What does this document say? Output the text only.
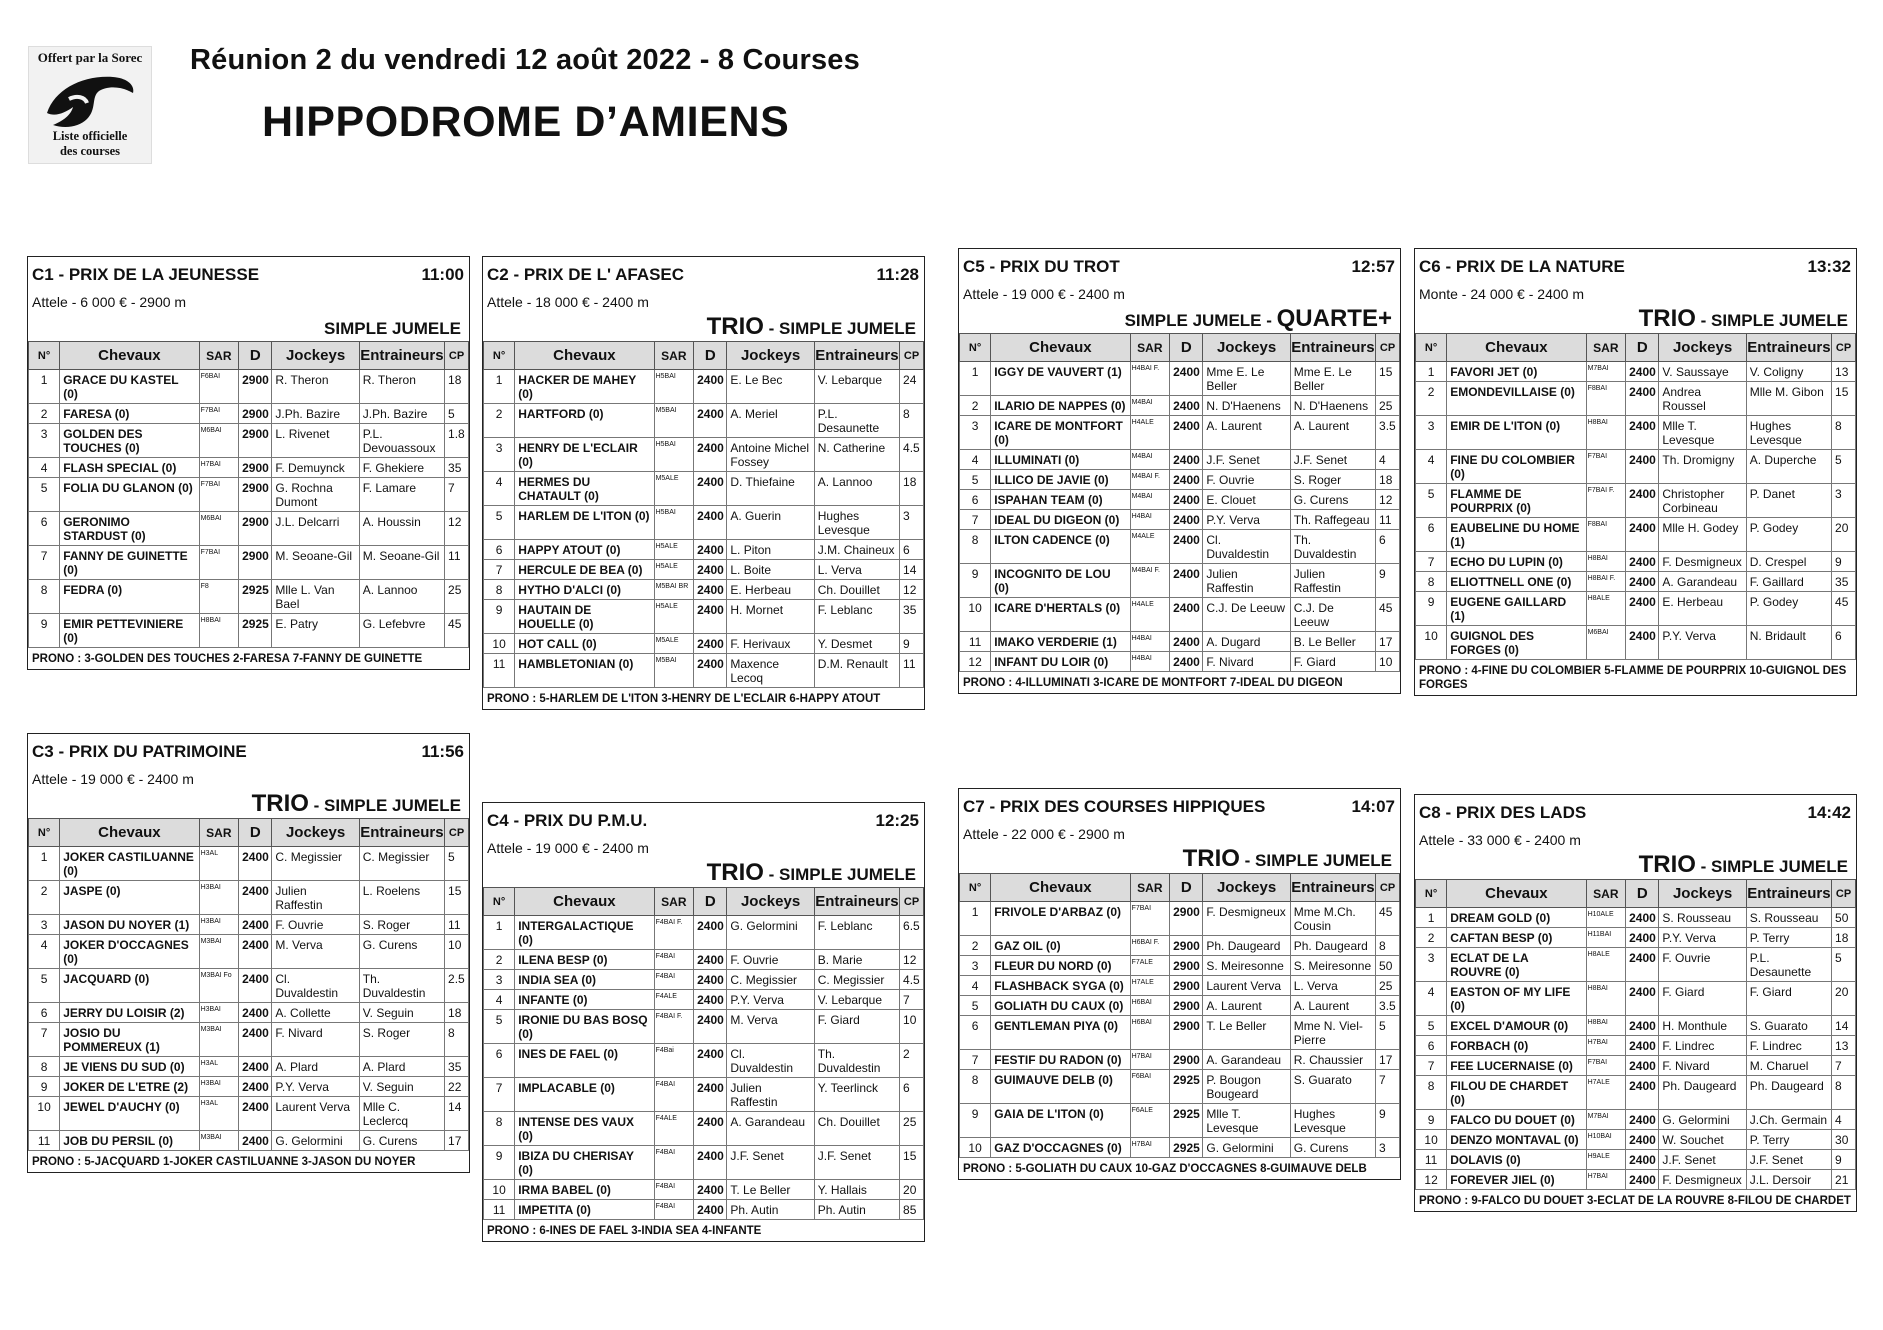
Offert par la Sorec
Liste officielle
des courses
Réunion 2 du vendredi 12 août 2022 - 8 Courses
HIPPODROME D’AMIENS
C1 - PRIX DE LA JEUNESSE	11:00
Attele - 6 000 € - 2900 m
SIMPLE JUMELE
N°	Chevaux	SAR	D	Jockeys	Entraineurs	CP
1	GRACE DU KASTEL (0)	F6BAI	2900	R. Theron	R. Theron	18
2	FARESA (0)	F7BAI	2900	J.Ph. Bazire	J.Ph. Bazire	5
3	GOLDEN DES TOUCHES (0)	M6BAI	2900	L. Rivenet	P.L. Devouassoux	1.8
4	FLASH SPECIAL (0)	H7BAI	2900	F. Demuynck	F. Ghekiere	35
5	FOLIA DU GLANON (0)	F7BAI	2900	G. Rochna Dumont	F. Lamare	7
6	GERONIMO STARDUST (0)	M6BAI	2900	J.L. Delcarri	A. Houssin	12
7	FANNY DE GUINETTE (0)	F7BAI	2900	M. Seoane-Gil	M. Seoane-Gil	11
8	FEDRA (0)	F8	2925	Mlle L. Van Bael	A. Lannoo	25
9	EMIR PETTEVINIERE (0)	H8BAI	2925	E. Patry	G. Lefebvre	45
PRONO : 3-GOLDEN DES TOUCHES 2-FARESA 7-FANNY DE GUINETTE
C2 - PRIX DE L' AFASEC	11:28
Attele - 18 000 € - 2400 m
TRIO - SIMPLE JUMELE
N°	Chevaux	SAR	D	Jockeys	Entraineurs	CP
1	HACKER DE MAHEY (0)	H5BAI	2400	E. Le Bec	V. Lebarque	24
2	HARTFORD (0)	M5BAI	2400	A. Meriel	P.L. Desaunette	8
3	HENRY DE L'ECLAIR (0)	H5BAI	2400	Antoine Michel Fossey	N. Catherine	4.5
4	HERMES DU CHATAULT (0)	M5ALE	2400	D. Thiefaine	A. Lannoo	18
5	HARLEM DE L'ITON (0)	H5BAI	2400	A. Guerin	Hughes Levesque	3
6	HAPPY ATOUT (0)	H5ALE	2400	L. Piton	J.M. Chaineux	6
7	HERCULE DE BEA (0)	H5ALE	2400	L. Boite	L. Verva	14
8	HYTHO D'ALCI (0)	M5BAI BR	2400	E. Herbeau	Ch. Douillet	12
9	HAUTAIN DE HOUELLE (0)	H5ALE	2400	H. Mornet	F. Leblanc	35
10	HOT CALL (0)	M5ALE	2400	F. Herivaux	Y. Desmet	9
11	HAMBLETONIAN (0)	M5BAI	2400	Maxence Lecoq	D.M. Renault	11
PRONO : 5-HARLEM DE L'ITON 3-HENRY DE L'ECLAIR 6-HAPPY ATOUT
C5 - PRIX DU TROT	12:57
Attele - 19 000 € - 2400 m
SIMPLE JUMELE - QUARTE+
N°	Chevaux	SAR	D	Jockeys	Entraineurs	CP
1	IGGY DE VAUVERT (1)	H4BAI F.	2400	Mme E. Le Beller	Mme E. Le Beller	15
2	ILARIO DE NAPPES (0)	M4BAI	2400	N. D'Haenens	N. D'Haenens	25
3	ICARE DE MONTFORT (0)	H4ALE	2400	A. Laurent	A. Laurent	3.5
4	ILLUMINATI (0)	M4BAI	2400	J.F. Senet	J.F. Senet	4
5	ILLICO DE JAVIE (0)	M4BAI F.	2400	F. Ouvrie	S. Roger	18
6	ISPAHAN TEAM (0)	M4BAI	2400	E. Clouet	G. Curens	12
7	IDEAL DU DIGEON (0)	H4BAI	2400	P.Y. Verva	Th. Raffegeau	11
8	ILTON CADENCE (0)	M4ALE	2400	Cl. Duvaldestin	Th. Duvaldestin	6
9	INCOGNITO DE LOU (0)	M4BAI F.	2400	Julien Raffestin	Julien Raffestin	9
10	ICARE D'HERTALS (0)	H4ALE	2400	C.J. De Leeuw	C.J. De Leeuw	45
11	IMAKO VERDERIE (1)	H4BAI	2400	A. Dugard	B. Le Beller	17
12	INFANT DU LOIR (0)	H4BAI	2400	F. Nivard	F. Giard	10
PRONO : 4-ILLUMINATI 3-ICARE DE MONTFORT 7-IDEAL DU DIGEON
C6 - PRIX DE LA NATURE	13:32
Monte - 24 000 € - 2400 m
TRIO - SIMPLE JUMELE
N°	Chevaux	SAR	D	Jockeys	Entraineurs	CP
1	FAVORI JET (0)	M7BAI	2400	V. Saussaye	V. Coligny	13
2	EMONDEVILLAISE (0)	F8BAI	2400	Andrea Roussel	Mlle M. Gibon	15
3	EMIR DE L'ITON (0)	H8BAI	2400	Mlle T. Levesque	Hughes Levesque	8
4	FINE DU COLOMBIER (0)	F7BAI	2400	Th. Dromigny	A. Duperche	5
5	FLAMME DE POURPRIX (0)	F7BAI F.	2400	Christopher Corbineau	P. Danet	3
6	EAUBELINE DU HOME (1)	F8BAI	2400	Mlle H. Godey	P. Godey	20
7	ECHO DU LUPIN (0)	H8BAI	2400	F. Desmigneux	D. Crespel	9
8	ELIOTTNELL ONE (0)	H8BAI F.	2400	A. Garandeau	F. Gaillard	35
9	EUGENE GAILLARD (1)	H8ALE	2400	E. Herbeau	P. Godey	45
10	GUIGNOL DES FORGES (0)	M6BAI	2400	P.Y. Verva	N. Bridault	6
PRONO : 4-FINE DU COLOMBIER 5-FLAMME DE POURPRIX 10-GUIGNOL DES FORGES
C3 - PRIX DU PATRIMOINE	11:56
Attele - 19 000 € - 2400 m
TRIO - SIMPLE JUMELE
N°	Chevaux	SAR	D	Jockeys	Entraineurs	CP
1	JOKER CASTILUANNE (0)	H3AL	2400	C. Megissier	C. Megissier	5
2	JASPE (0)	H3BAI	2400	Julien Raffestin	L. Roelens	15
3	JASON DU NOYER (1)	H3BAI	2400	F. Ouvrie	S. Roger	11
4	JOKER D'OCCAGNES (0)	M3BAI	2400	M. Verva	G. Curens	10
5	JACQUARD (0)	M3BAI Fo	2400	Cl. Duvaldestin	Th. Duvaldestin	2.5
6	JERRY DU LOISIR (2)	H3BAI	2400	A. Collette	V. Seguin	18
7	JOSIO DU POMMEREUX (1)	M3BAI	2400	F. Nivard	S. Roger	8
8	JE VIENS DU SUD (0)	H3AL	2400	A. Plard	A. Plard	35
9	JOKER DE L'ETRE (2)	H3BAI	2400	P.Y. Verva	V. Seguin	22
10	JEWEL D'AUCHY (0)	H3AL	2400	Laurent Verva	Mlle C. Leclercq	14
11	JOB DU PERSIL (0)	M3BAI	2400	G. Gelormini	G. Curens	17
PRONO : 5-JACQUARD 1-JOKER CASTILUANNE 3-JASON DU NOYER
C4 - PRIX DU P.M.U.	12:25
Attele - 19 000 € - 2400 m
TRIO - SIMPLE JUMELE
N°	Chevaux	SAR	D	Jockeys	Entraineurs	CP
1	INTERGALACTIQUE (0)	F4BAI F.	2400	G. Gelormini	F. Leblanc	6.5
2	ILENA BESP (0)	F4BAI	2400	F. Ouvrie	B. Marie	12
3	INDIA SEA (0)	F4BAI	2400	C. Megissier	C. Megissier	4.5
4	INFANTE (0)	F4ALE	2400	P.Y. Verva	V. Lebarque	7
5	IRONIE DU BAS BOSQ (0)	F4BAI F.	2400	M. Verva	F. Giard	10
6	INES DE FAEL (0)	F4Bai	2400	Cl. Duvaldestin	Th. Duvaldestin	2
7	IMPLACABLE (0)	F4BAI	2400	Julien Raffestin	Y. Teerlinck	6
8	INTENSE DES VAUX (0)	F4ALE	2400	A. Garandeau	Ch. Douillet	25
9	IBIZA DU CHERISAY (0)	F4BAI	2400	J.F. Senet	J.F. Senet	15
10	IRMA BABEL (0)	F4BAI	2400	T. Le Beller	Y. Hallais	20
11	IMPETITA (0)	F4BAI	2400	Ph. Autin	Ph. Autin	85
PRONO : 6-INES DE FAEL 3-INDIA SEA 4-INFANTE
C7 - PRIX DES COURSES HIPPIQUES	14:07
Attele - 22 000 € - 2900 m
TRIO - SIMPLE JUMELE
N°	Chevaux	SAR	D	Jockeys	Entraineurs	CP
1	FRIVOLE D'ARBAZ (0)	F7BAI	2900	F. Desmigneux	Mme M.Ch. Cousin	45
2	GAZ OIL (0)	H6BAI F.	2900	Ph. Daugeard	Ph. Daugeard	8
3	FLEUR DU NORD (0)	F7ALE	2900	S. Meiresonne	S. Meiresonne	50
4	FLASHBACK SYGA (0)	H7ALE	2900	Laurent Verva	L. Verva	25
5	GOLIATH DU CAUX (0)	H6BAI	2900	A. Laurent	A. Laurent	3.5
6	GENTLEMAN PIYA (0)	H6BAI	2900	T. Le Beller	Mme N. Viel-Pierre	5
7	FESTIF DU RADON (0)	H7BAI	2900	A. Garandeau	R. Chaussier	17
8	GUIMAUVE DELB (0)	F6BAI	2925	P. Bougon Bougeard	S. Guarato	7
9	GAIA DE L'ITON (0)	F6ALE	2925	Mlle T. Levesque	Hughes Levesque	9
10	GAZ D'OCCAGNES (0)	H7BAI	2925	G. Gelormini	G. Curens	3
PRONO : 5-GOLIATH DU CAUX 10-GAZ D'OCCAGNES 8-GUIMAUVE DELB
C8 - PRIX DES LADS	14:42
Attele - 33 000 € - 2400 m
TRIO - SIMPLE JUMELE
N°	Chevaux	SAR	D	Jockeys	Entraineurs	CP
1	DREAM GOLD (0)	H10ALE	2400	S. Rousseau	S. Rousseau	50
2	CAFTAN BESP (0)	H11BAI	2400	P.Y. Verva	P. Terry	18
3	ECLAT DE LA ROUVRE (0)	H8ALE	2400	F. Ouvrie	P.L. Desaunette	5
4	EASTON OF MY LIFE (0)	H8BAI	2400	F. Giard	F. Giard	20
5	EXCEL D'AMOUR (0)	H8BAI	2400	H. Monthule	S. Guarato	14
6	FORBACH (0)	H7BAI	2400	F. Lindrec	F. Lindrec	13
7	FEE LUCERNAISE (0)	F7BAI	2400	F. Nivard	M. Charuel	7
8	FILOU DE CHARDET (0)	H7ALE	2400	Ph. Daugeard	Ph. Daugeard	8
9	FALCO DU DOUET (0)	M7BAI	2400	G. Gelormini	J.Ch. Germain	4
10	DENZO MONTAVAL (0)	H10BAI	2400	W. Souchet	P. Terry	30
11	DOLAVIS (0)	H9ALE	2400	J.F. Senet	J.F. Senet	9
12	FOREVER JIEL (0)	H7BAI	2400	F. Desmigneux	J.L. Dersoir	21
PRONO : 9-FALCO DU DOUET 3-ECLAT DE LA ROUVRE 8-FILOU DE CHARDET
